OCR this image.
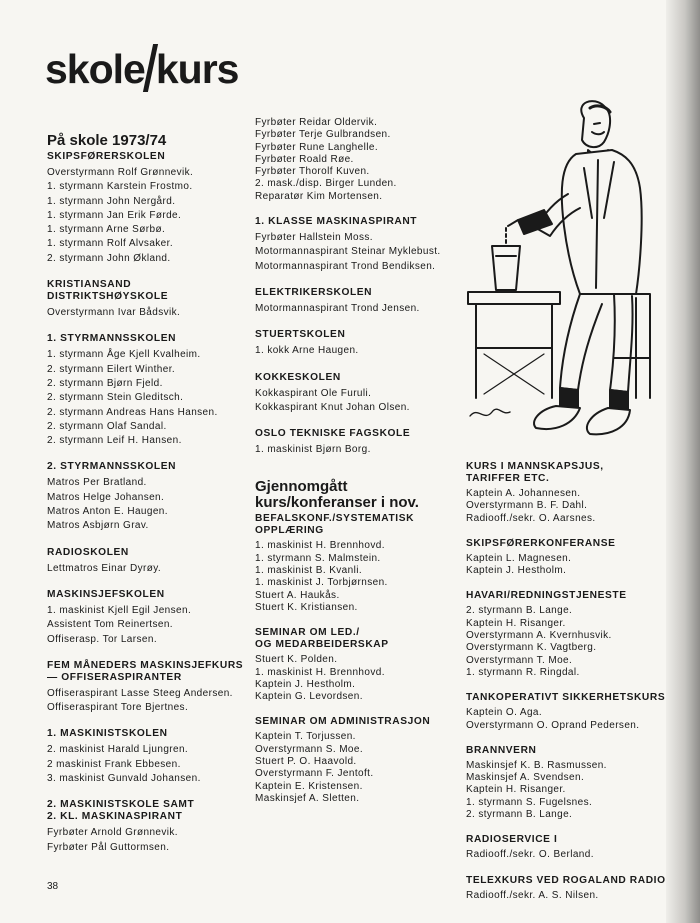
skole kurs
På skole 1973/74
SKIPSFØRERSKOLEN
Overstyrmann Rolf Grønnevik.
1. styrmann Karstein Frostmo.
1. styrmann John Nergård.
1. styrmann Jan Erik Førde.
1. styrmann Arne Sørbø.
1. styrmann Rolf Alvsaker.
2. styrmann John Økland.
KRISTIANSAND
DISTRIKTSHØYSKOLE
Overstyrmann Ivar Bådsvik.
1. STYRMANNSSKOLEN
1. styrmann Åge Kjell Kvalheim.
2. styrmann Eilert Winther.
2. styrmann Bjørn Fjeld.
2. styrmann Stein Gleditsch.
2. styrmann Andreas Hans Hansen.
2. styrmann Olaf Sandal.
2. styrmann Leif H. Hansen.
2. STYRMANNSSKOLEN
Matros Per Bratland.
Matros Helge Johansen.
Matros Anton E. Haugen.
Matros Asbjørn Grav.
RADIOSKOLEN
Lettmatros Einar Dyrøy.
MASKINSJEFSKOLEN
1. maskinist Kjell Egil Jensen.
Assistent Tom Reinertsen.
Offiserasp. Tor Larsen.
FEM MÅNEDERS MASKINSJEFKURS
— OFFISERASPIRANTER
Offiseraspirant Lasse Steeg Andersen.
Offiseraspirant Tore Bjertnes.
1. MASKINISTSKOLEN
2. maskinist Harald Ljungren.
2 maskinist Frank Ebbesen.
3. maskinist Gunvald Johansen.
2. MASKINISTSKOLE SAMT
2. KL. MASKINASPIRANT
Fyrbøter Arnold Grønnevik.
Fyrbøter Pål Guttormsen.
Fyrbøter Reidar Oldervik.
Fyrbøter Terje Gulbrandsen.
Fyrbøter Rune Langhelle.
Fyrbøter Roald Røe.
Fyrbøter Thorolf Kuven.
2. mask./disp. Birger Lunden.
Reparatør Kim Mortensen.
1. KLASSE MASKINASPIRANT
Fyrbøter Hallstein Moss.
Motormannaspirant Steinar Myklebust.
Motormannaspirant Trond Bendiksen.
ELEKTRIKERSKOLEN
Motormannaspirant Trond Jensen.
STUERTSKOLEN
1. kokk Arne Haugen.
KOKKESKOLEN
Kokkaspirant Ole Furuli.
Kokkaspirant Knut Johan Olsen.
OSLO TEKNISKE FAGSKOLE
1. maskinist Bjørn Borg.
Gjennomgått
kurs/konferanser i nov.
BEFALSKONF./SYSTEMATISK
OPPLÆRING
1. maskinist H. Brennhovd.
1. styrmann S. Malmstein.
1. maskinist B. Kvanli.
1. maskinist J. Torbjørnsen.
Stuert A. Haukås.
Stuert K. Kristiansen.
SEMINAR OM LED./
OG MEDARBEIDERSKAP
Stuert K. Polden.
1. maskinist H. Brennhovd.
Kaptein J. Hestholm.
Kaptein G. Levordsen.
SEMINAR OM ADMINISTRASJON
Kaptein T. Torjussen.
Overstyrmann S. Moe.
Stuert P. O. Haavold.
Overstyrmann F. Jentoft.
Kaptein E. Kristensen.
Maskinsjef A. Sletten.
KURS I MANNSKAPSJUS,
TARIFFER ETC.
Kaptein A. Johannesen.
Overstyrmann B. F. Dahl.
Radiooff./sekr. O. Aarsnes.
SKIPSFØRERKONFERANSE
Kaptein L. Magnesen.
Kaptein J. Hestholm.
HAVARI/REDNINGSTJENESTE
2. styrmann B. Lange.
Kaptein H. Risanger.
Overstyrmann A. Kvernhusvik.
Overstyrmann K. Vagtberg.
Overstyrmann T. Moe.
1. styrmann R. Ringdal.
TANKOPERATIVT SIKKERHETSKURS
Kaptein O. Aga.
Overstyrmann O. Oprand Pedersen.
BRANNVERN
Maskinsjef K. B. Rasmussen.
Maskinsjef A. Svendsen.
Kaptein H. Risanger.
1. styrmann S. Fugelsnes.
2. styrmann B. Lange.
RADIOSERVICE I
Radiooff./sekr. O. Berland.
TELEXKURS VED ROGALAND RADIO
Radiooff./sekr. A. S. Nilsen.
38
